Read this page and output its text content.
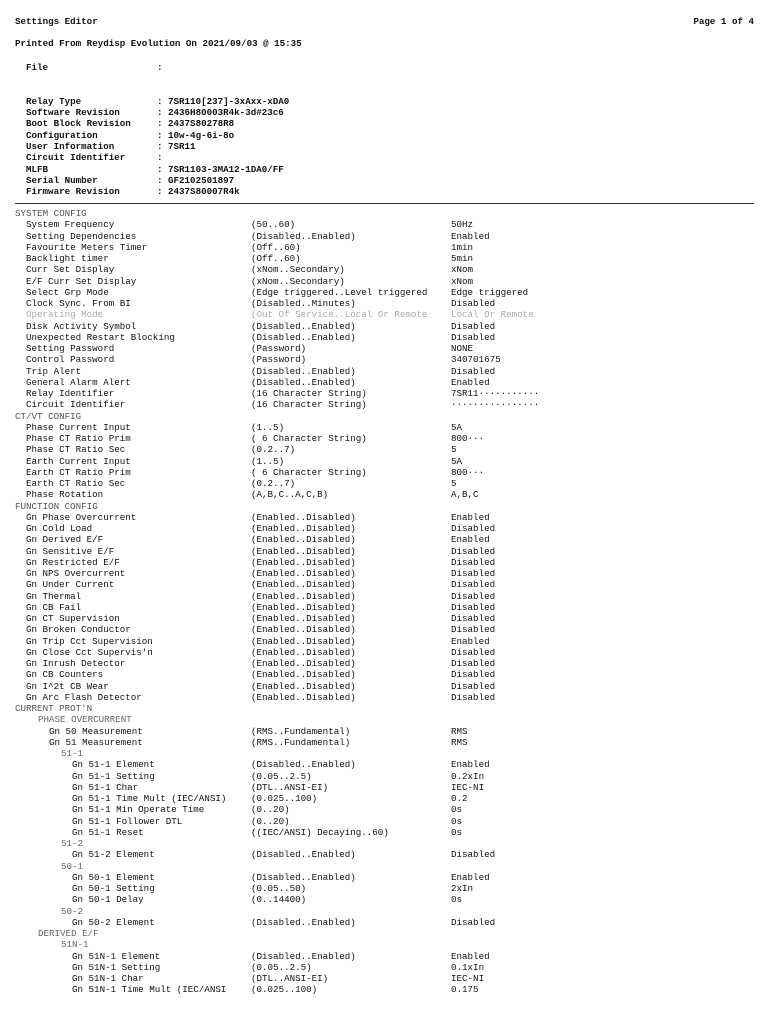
Settings Editor	Page 1 of 4
Printed From Reydisp Evolution On 2021/09/03 @ 15:35
File	:
Relay Type	: 7SR110[237]-3xAxx-xDA0
Software Revision	: 2436H80003R4k-3d#23c6
Boot Block Revision	: 2437S80278R8
Configuration	: 10w-4g-6i-8o
User Information	: 7SR11
Circuit Identifier	:
MLFB	: 7SR1103-3MA12-1DA0/FF
Serial Number	: GF2102501897
Firmware Revision	: 2437S80007R4k
SYSTEM CONFIG
System Frequency	(50..60)	50Hz
Setting Dependencies	(Disabled..Enabled)	Enabled
Favourite Meters Timer	(Off..60)	1min
Backlight timer	(Off..60)	5min
Curr Set Display	(xNom..Secondary)	xNom
E/F Curr Set Display	(xNom..Secondary)	xNom
Select Grp Mode	(Edge triggered..Level triggered	Edge triggered
Clock Sync. From BI	(Disabled..Minutes)	Disabled
Operating Mode	(Out Of Service..Local Or Remote	Local Or Remote
Disk Activity Symbol	(Disabled..Enabled)	Disabled
Unexpected Restart Blocking	(Disabled..Enabled)	Disabled
Setting Password	(Password)	NONE
Control Password	(Password)	340701675
Trip Alert	(Disabled..Enabled)	Disabled
General Alarm Alert	(Disabled..Enabled)	Enabled
Relay Identifier	(16 Character String)	7SR11···········
Circuit Identifier	(16 Character String)	················
CT/VT CONFIG
Phase Current Input	(1..5)	5A
Phase CT Ratio Prim	( 6 Character String)	800···
Phase CT Ratio Sec	(0.2..7)	5
Earth Current Input	(1..5)	5A
Earth CT Ratio Prim	( 6 Character String)	800···
Earth CT Ratio Sec	(0.2..7)	5
Phase Rotation	(A,B,C..A,C,B)	A,B,C
FUNCTION CONFIG
Gn Phase Overcurrent	(Enabled..Disabled)	Enabled
Gn Cold Load	(Enabled..Disabled)	Disabled
Gn Derived E/F	(Enabled..Disabled)	Enabled
Gn Sensitive E/F	(Enabled..Disabled)	Disabled
Gn Restricted E/F	(Enabled..Disabled)	Disabled
Gn NPS Overcurrent	(Enabled..Disabled)	Disabled
Gn Under Current	(Enabled..Disabled)	Disabled
Gn Thermal	(Enabled..Disabled)	Disabled
Gn CB Fail	(Enabled..Disabled)	Disabled
Gn CT Supervision	(Enabled..Disabled)	Disabled
Gn Broken Conductor	(Enabled..Disabled)	Disabled
Gn Trip Cct Supervision	(Enabled..Disabled)	Enabled
Gn Close Cct Supervis'n	(Enabled..Disabled)	Disabled
Gn Inrush Detector	(Enabled..Disabled)	Disabled
Gn CB Counters	(Enabled..Disabled)	Disabled
Gn I^2t CB Wear	(Enabled..Disabled)	Disabled
Gn Arc Flash Detector	(Enabled..Disabled)	Disabled
CURRENT PROT'N
PHASE OVERCURRENT
Gn 50 Measurement	(RMS..Fundamental)	RMS
Gn 51 Measurement	(RMS..Fundamental)	RMS
51-1
Gn 51-1 Element	(Disabled..Enabled)	Enabled
Gn 51-1 Setting	(0.05..2.5)	0.2xIn
Gn 51-1 Char	(DTL..ANSI-EI)	IEC-NI
Gn 51-1 Time Mult (IEC/ANSI)	(0.025..100)	0.2
Gn 51-1 Min Operate Time	(0..20)	0s
Gn 51-1 Follower DTL	(0..20)	0s
Gn 51-1 Reset	((IEC/ANSI) Decaying..60)	0s
51-2
Gn 51-2 Element	(Disabled..Enabled)	Disabled
50-1
Gn 50-1 Element	(Disabled..Enabled)	Enabled
Gn 50-1 Setting	(0.05..50)	2xIn
Gn 50-1 Delay	(0..14400)	0s
50-2
Gn 50-2 Element	(Disabled..Enabled)	Disabled
DERIVED E/F
51N-1
Gn 51N-1 Element	(Disabled..Enabled)	Enabled
Gn 51N-1 Setting	(0.05..2.5)	0.1xIn
Gn 51N-1 Char	(DTL..ANSI-EI)	IEC-NI
Gn 51N-1 Time Mult (IEC/ANSI	(0.025..100)	0.175
